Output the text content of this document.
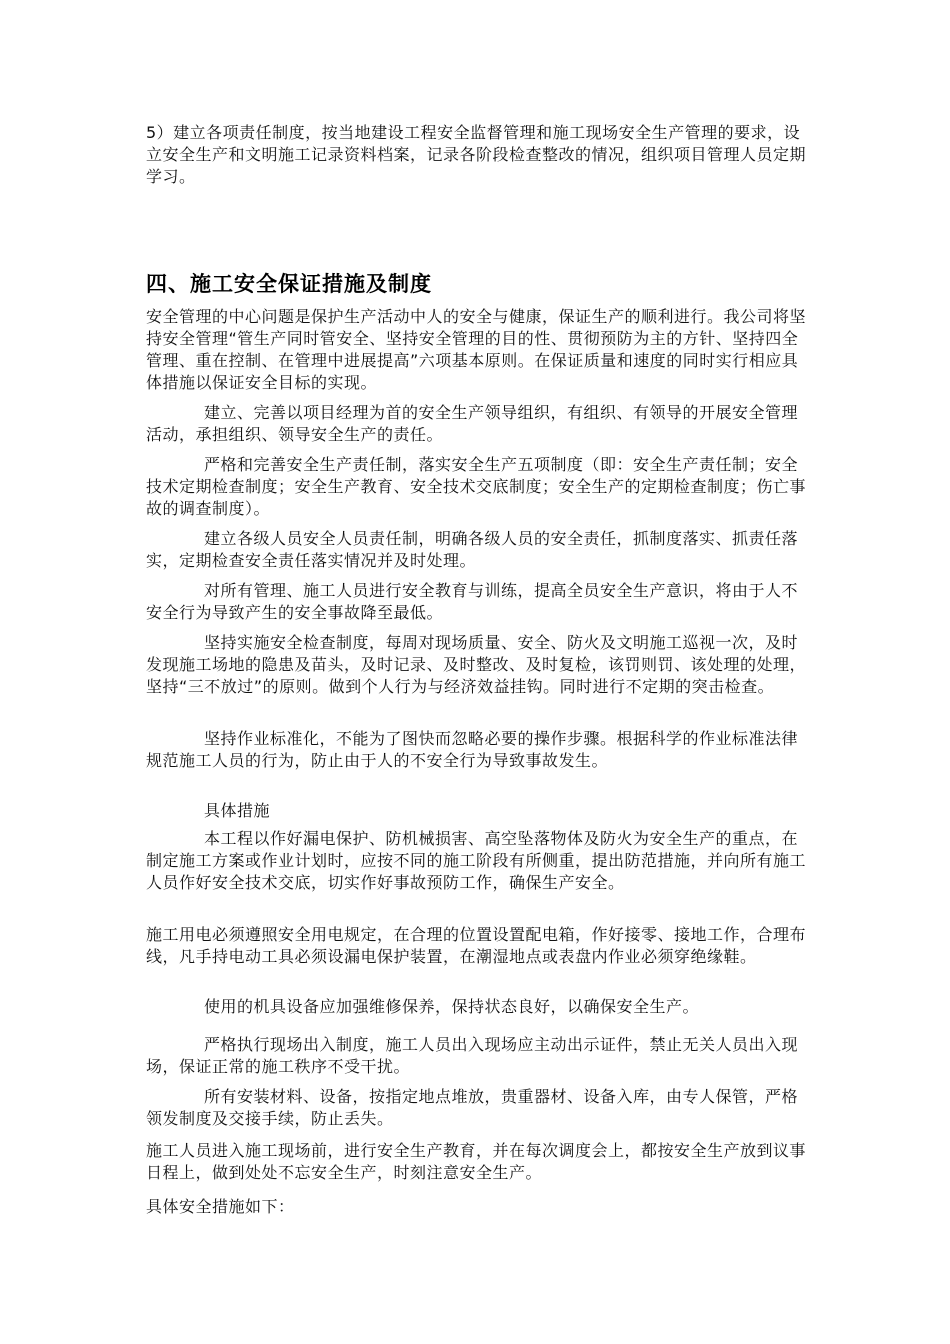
5）建立各项责任制度，按当地建设工程安全监督管理和施工现场安全生产管理的要求，设立安全生产和文明施工记录资料档案，记录各阶段检查整改的情况，组织项目管理人员定期学习。

四、施工安全保证措施及制度

安全管理的中心问题是保护生产活动中人的安全与健康，保证生产的顺利进行。我公司将坚持安全管理“管生产同时管安全、坚持安全管理的目的性、贯彻预防为主的方针、坚持四全管理、重在控制、在管理中进展提高”六项基本原则。在保证质量和速度的同时实行相应具体措施以保证安全目标的实现。

建立、完善以项目经理为首的安全生产领导组织，有组织、有领导的开展安全管理活动，承担组织、领导安全生产的责任。

严格和完善安全生产责任制，落实安全生产五项制度（即：安全生产责任制；安全技术定期检查制度；安全生产教育、安全技术交底制度；安全生产的定期检查制度；伤亡事故的调查制度）。

建立各级人员安全人员责任制，明确各级人员的安全责任，抓制度落实、抓责任落实，定期检查安全责任落实情况并及时处理。

对所有管理、施工人员进行安全教育与训练，提高全员安全生产意识，将由于人不安全行为导致产生的安全事故降至最低。

坚持实施安全检查制度，每周对现场质量、安全、防火及文明施工巡视一次，及时发现施工场地的隐患及苗头，及时记录、及时整改、及时复检，该罚则罚、该处理的处理，坚持“三不放过”的原则。做到个人行为与经济效益挂钩。同时进行不定期的突击检查。

坚持作业标准化，不能为了图快而忽略必要的操作步骤。根据科学的作业标准法律规范施工人员的行为，防止由于人的不安全行为导致事故发生。

具体措施

本工程以作好漏电保护、防机械损害、高空坠落物体及防火为安全生产的重点，在制定施工方案或作业计划时，应按不同的施工阶段有所侧重，提出防范措施，并向所有施工人员作好安全技术交底，切实作好事故预防工作，确保生产安全。

施工用电必须遵照安全用电规定，在合理的位置设置配电箱，作好接零、接地工作，合理布线，凡手持电动工具必须设漏电保护装置，在潮湿地点或表盘内作业必须穿绝缘鞋。

使用的机具设备应加强维修保养，保持状态良好，以确保安全生产。

严格执行现场出入制度，施工人员出入现场应主动出示证件，禁止无关人员出入现场，保证正常的施工秩序不受干扰。

所有安装材料、设备，按指定地点堆放，贵重器材、设备入库，由专人保管，严格领发制度及交接手续，防止丢失。

施工人员进入施工现场前，进行安全生产教育，并在每次调度会上，都按安全生产放到议事日程上，做到处处不忘安全生产，时刻注意安全生产。

具体安全措施如下：
